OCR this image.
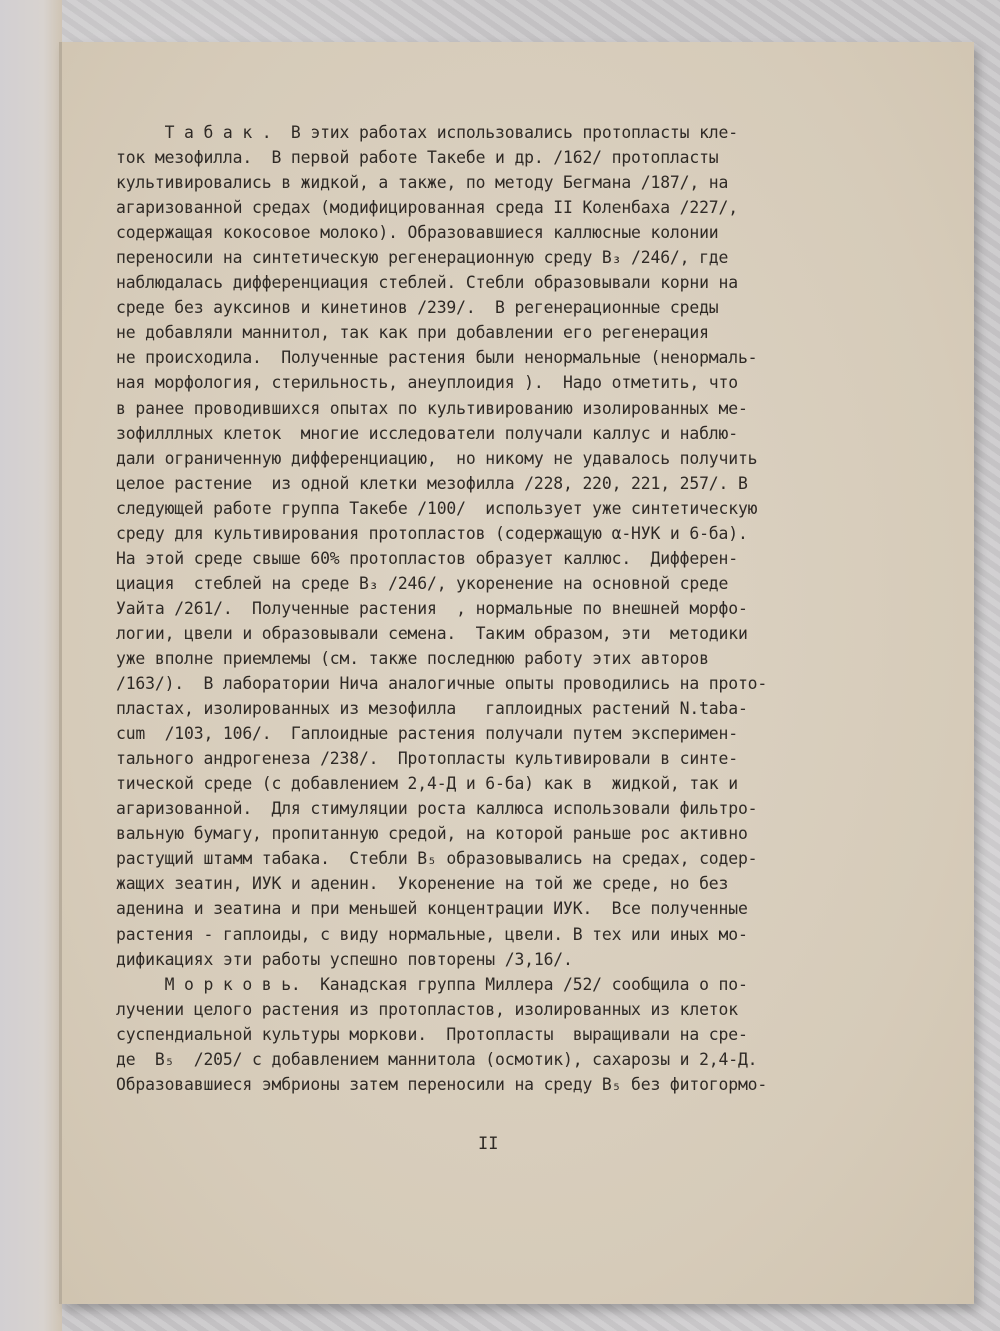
Т а б а к .  В этих работах использовались протопласты кле-
ток мезофилла.  В первой работе Такебе и др. /162/ протопласты
культивировались в жидкой, а также, по методу Бегмана /187/, на
агаризованной средах (модифицированная среда II Коленбаха /227/,
содержащая кокосовое молоко). Образовавшиеся каллюсные колонии
переносили на синтетическую регенерационную среду B₃ /246/, где
наблюдалась дифференциация стеблей. Стебли образовывали корни на
среде без ауксинов и кинетинов /239/.  В регенерационные среды
не добавляли маннитол, так как при добавлении его регенерация
не происходила.  Полученные растения были ненормальные (ненормаль-
ная морфология, стерильность, анеуплоидия ).  Надо отметить, что
в ранее проводившихся опытах по культивированию изолированных ме-
зофилллных клеток  многие исследователи получали каллус и наблю-
дали ограниченную дифференциацию,  но никому не удавалось получить
целое растение  из одной клетки мезофилла /228, 220, 221, 257/. В
следующей работе группа Такебе /100/  использует уже синтетическую
среду для культивирования протопластов (содержащую α-НУК и 6-ба).
На этой среде свыше 60% протопластов образует каллюс.  Дифферен-
циация  стеблей на среде B₃ /246/, укоренение на основной среде
Уайта /261/.  Полученные растения  , нормальные по внешней морфо-
логии, цвели и образовывали семена.  Таким образом, эти  методики
уже вполне приемлемы (см. также последнюю работу этих авторов
/163/).  В лаборатории Нича аналогичные опыты проводились на прото-
пластах, изолированных из мезофилла   гаплоидных растений N.taba-
cum  /103, 106/.  Гаплоидные растения получали путем эксперимен-
тального андрогенеза /238/.  Протопласты культивировали в синте-
тической среде (с добавлением 2,4-Д и 6-ба) как в  жидкой, так и
агаризованной.  Для стимуляции роста каллюса использовали фильтро-
вальную бумагу, пропитанную средой, на которой раньше рос активно
растущий штамм табака.  Стебли B₅ образовывались на средах, содер-
жащих зеатин, ИУК и аденин.  Укоренение на той же среде, но без
аденина и зеатина и при меньшей концентрации ИУК.  Все полученные
растения - гаплоиды, с виду нормальные, цвели. В тех или иных мо-
дификациях эти работы успешно повторены /3,16/.
М о р к о в ь.  Канадская группа Миллера /52/ сообщила о по-
лучении целого растения из протопластов, изолированных из клеток
суспендиальной культуры моркови.  Протопласты  выращивали на сре-
де  B₅  /205/ с добавлением маннитола (осмотик), сахарозы и 2,4-Д.
Образовавшиеся эмбрионы затем переносили на среду B₅ без фитогормо-
II
